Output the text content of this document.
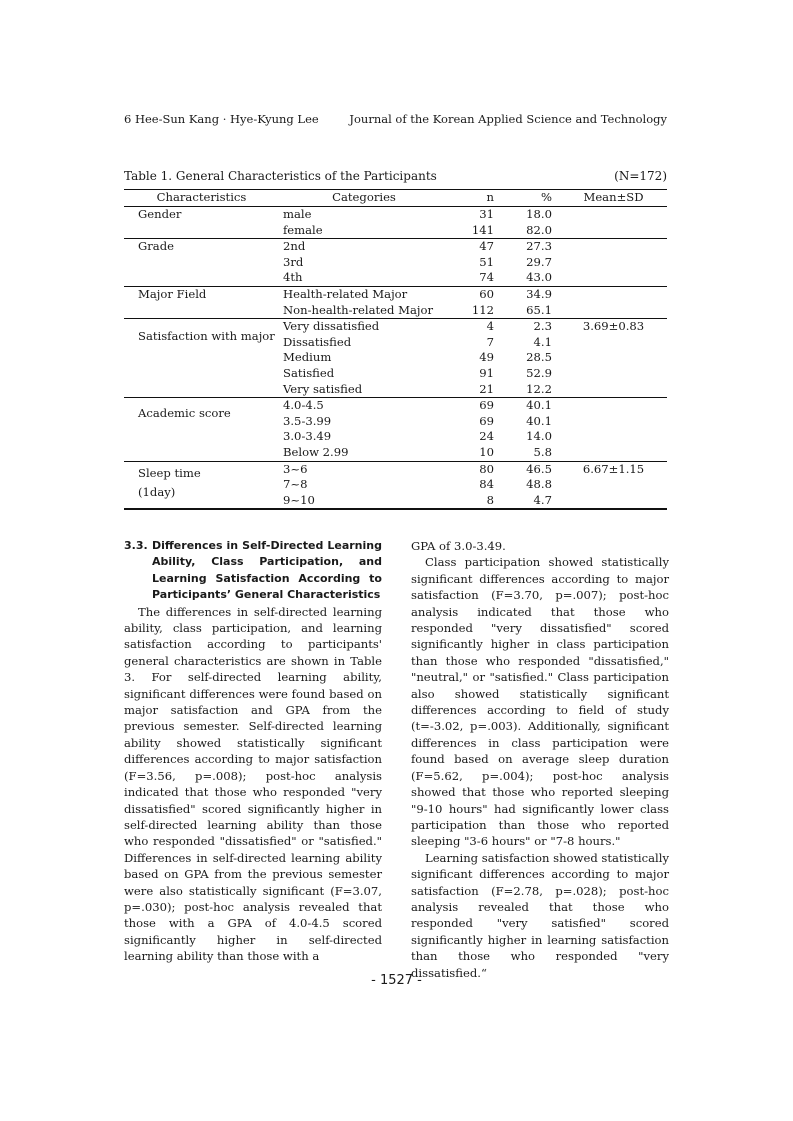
6 Hee-Sun Kang · Hye-Kyung Lee	Journal of the Korean Applied Science and Technology
Table 1. General Characteristics of the Participants	(N=172)
Characteristics	Categories	n	%	Mean±SD
Gender	male	31	18.0	
	female	141	82.0	
Grade	2nd	47	27.3	
	3rd	51	29.7	
	4th	74	43.0	
Major Field	Health-related Major	60	34.9	
	Non-health-related Major	112	65.1	
Satisfaction with major	Very dissatisfied	4	2.3	3.69±0.83
	Dissatisfied	7	4.1	
	Medium	49	28.5	
	Satisfied	91	52.9	
	Very satisfied	21	12.2	
Academic score	4.0-4.5	69	40.1	
	3.5-3.99	69	40.1	
	3.0-3.49	24	14.0	
	Below 2.99	10	5.8	
Sleep time	3~6	80	46.5	6.67±1.15
(1day)	7~8	84	48.8	
	9~10	8	4.7	
3.3. Differences in Self-Directed Learning Ability, Class Participation, and Learning Satisfaction According to Participants’ General Characteristics

The differences in self-directed learning ability, class participation, and learning satisfaction according to participants' general characteristics are shown in Table 3. For self-directed learning ability, significant differences were found based on major satisfaction and GPA from the previous semester. Self-directed learning ability showed statistically significant differences according to major satisfaction (F=3.56, p=.008); post-hoc analysis indicated that those who responded "very dissatisfied" scored significantly higher in self-directed learning ability than those who responded "dissatisfied" or "satisfied." Differences in self-directed learning ability based on GPA from the previous semester were also statistically significant (F=3.07, p=.030); post-hoc analysis revealed that those with a GPA of 4.0-4.5 scored significantly higher in self-directed learning ability than those with a

GPA of 3.0-3.49.

Class participation showed statistically significant differences according to major satisfaction (F=3.70, p=.007); post-hoc analysis indicated that those who responded "very dissatisfied" scored significantly higher in class participation than those who responded "dissatisfied," "neutral," or "satisfied." Class participation also showed statistically significant differences according to field of study (t=-3.02, p=.003). Additionally, significant differences in class participation were found based on average sleep duration (F=5.62, p=.004); post-hoc analysis showed that those who reported sleeping "9-10 hours" had significantly lower class participation than those who reported sleeping "3-6 hours" or "7-8 hours."

Learning satisfaction showed statistically significant differences according to major satisfaction (F=2.78, p=.028); post-hoc analysis revealed that those who responded "very satisfied" scored significantly higher in learning satisfaction than those who responded "very dissatisfied.“

- 1527 -
